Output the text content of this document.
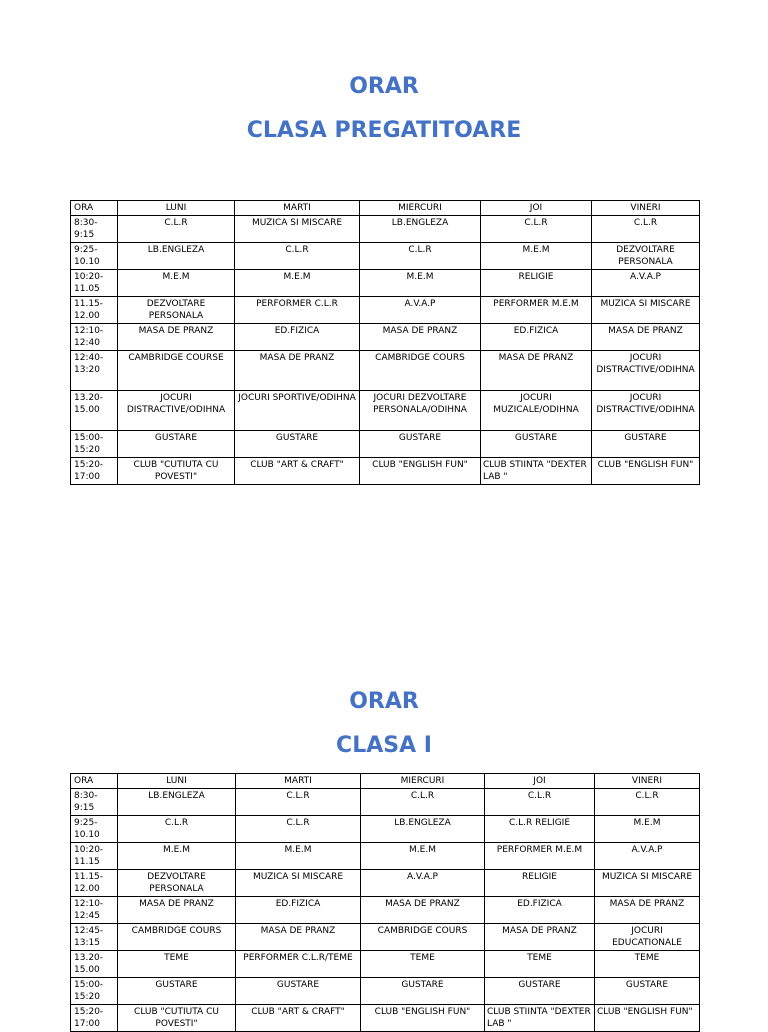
ORAR
CLASA PREGATITOARE
ORA	LUNI	MARTI	MIERCURI	JOI	VINERI
8:30-
9:15	C.L.R	MUZICA SI MISCARE	LB.ENGLEZA	C.L.R	C.L.R
9:25-
10.10	LB.ENGLEZA	C.L.R	C.L.R	M.E.M	DEZVOLTARE PERSONALA
10:20-
11.05	M.E.M	M.E.M	M.E.M	RELIGIE	A.V.A.P
11.15-
12.00	DEZVOLTARE PERSONALA	PERFORMER C.L.R	A.V.A.P	PERFORMER M.E.M	MUZICA SI MISCARE
12:10-
12:40	MASA DE PRANZ	ED.FIZICA	MASA DE PRANZ	ED.FIZICA	MASA DE PRANZ
12:40-
13:20	CAMBRIDGE COURSE	MASA DE PRANZ	CAMBRIDGE COURS	MASA DE PRANZ	JOCURI DISTRACTIVE/ODIHNA
13.20-
15.00	JOCURI DISTRACTIVE/ODIHNA	JOCURI SPORTIVE/ODIHNA	JOCURI DEZVOLTARE PERSONALA/ODIHNA	JOCURI MUZICALE/ODIHNA	JOCURI DISTRACTIVE/ODIHNA
15:00-
15:20	GUSTARE	GUSTARE	GUSTARE	GUSTARE	GUSTARE
15:20-
17:00	CLUB "CUTIUTA CU POVESTI"	CLUB "ART & CRAFT"	CLUB "ENGLISH FUN"	CLUB STIINTA "DEXTER LAB "	CLUB "ENGLISH FUN"
ORAR
CLASA I
ORA	LUNI	MARTI	MIERCURI	JOI	VINERI
8:30-
9:15	LB.ENGLEZA	C.L.R	C.L.R	C.L.R	C.L.R
9:25-
10.10	C.L.R	C.L.R	LB.ENGLEZA	C.L.R RELIGIE	M.E.M
10:20-
11.15	M.E.M	M.E.M	M.E.M	PERFORMER M.E.M	A.V.A.P
11.15-
12.00	DEZVOLTARE PERSONALA	MUZICA SI MISCARE	A.V.A.P	RELIGIE	MUZICA SI MISCARE
12:10-
12:45	MASA DE PRANZ	ED.FIZICA	MASA DE PRANZ	ED.FIZICA	MASA DE PRANZ
12:45-
13:15	CAMBRIDGE COURS	MASA DE PRANZ	CAMBRIDGE COURS	MASA DE PRANZ	JOCURI EDUCATIONALE
13.20-
15.00	TEME	PERFORMER C.L.R/TEME	TEME	TEME	TEME
15:00-
15:20	GUSTARE	GUSTARE	GUSTARE	GUSTARE	GUSTARE
15:20-
17:00	CLUB "CUTIUTA CU POVESTI"	CLUB "ART & CRAFT"	CLUB "ENGLISH FUN"	CLUB STIINTA "DEXTER LAB "	CLUB "ENGLISH FUN"
